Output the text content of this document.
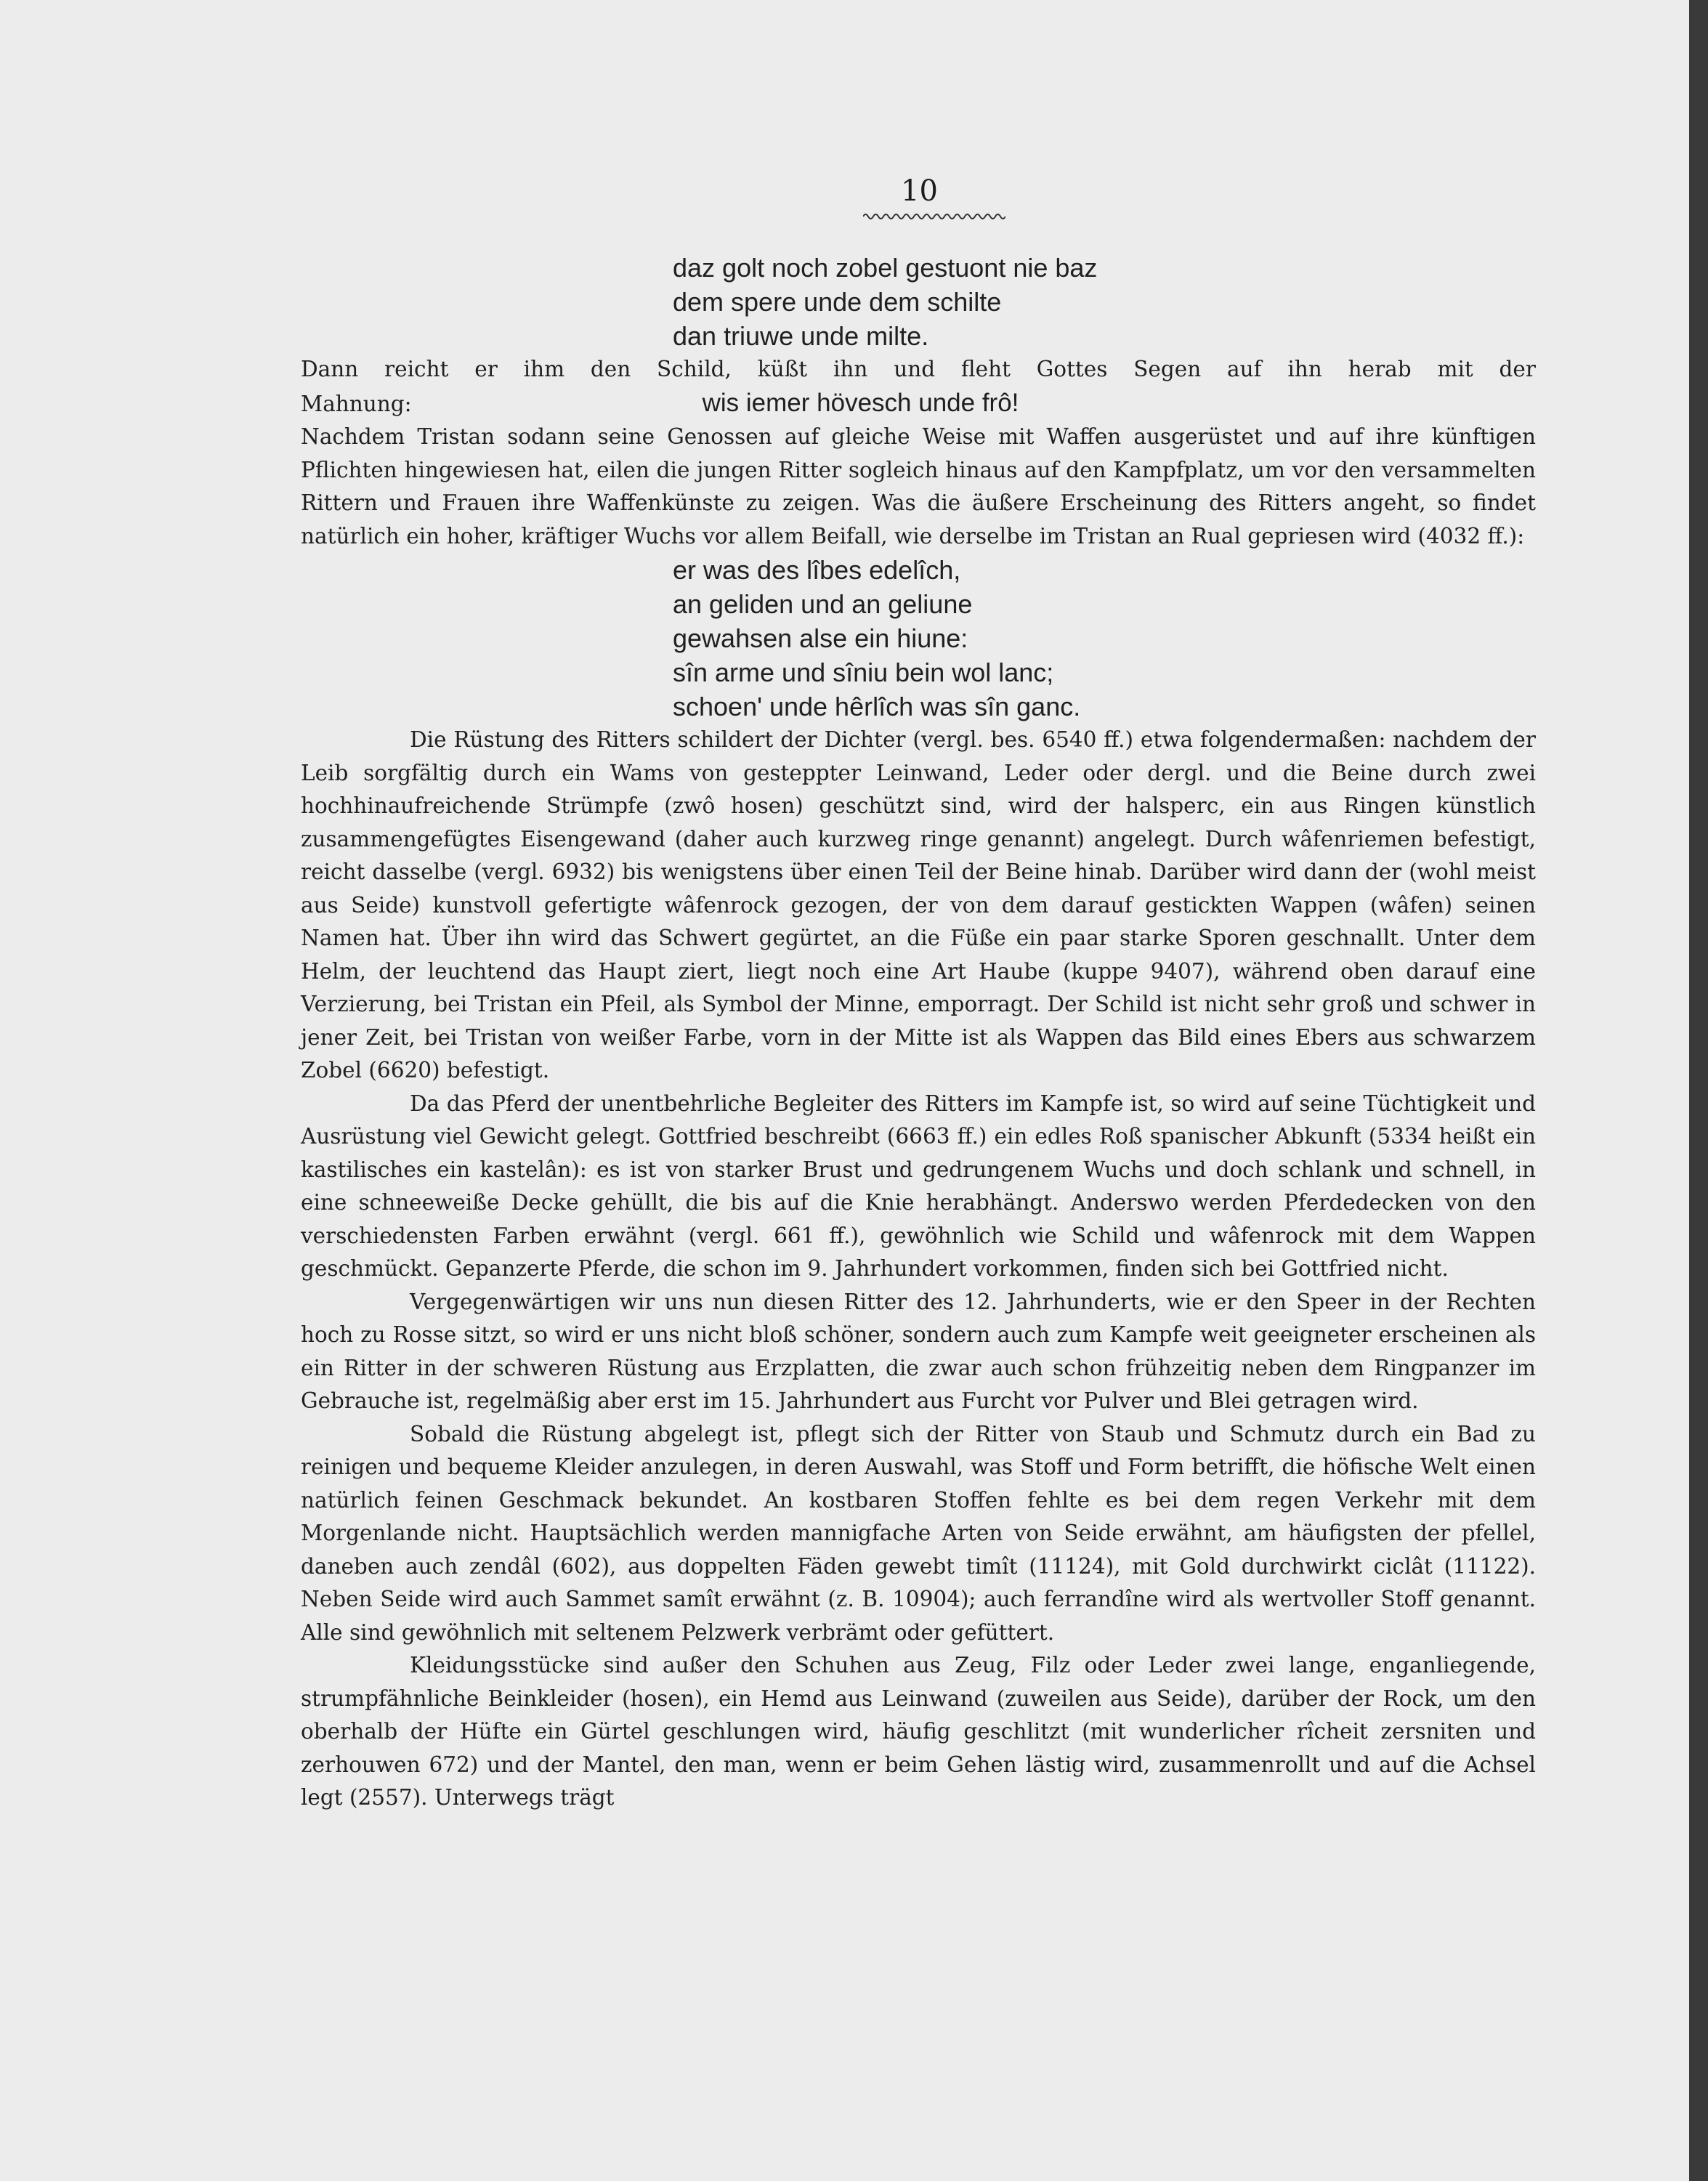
10
daz golt noch zobel gestuont nie baz
dem spere unde dem schilte
dan triuwe unde milte.

Dann reicht er ihm den Schild, küßt ihn und fleht Gottes Segen auf ihn herab mit der Mahnung:	wis iemer hövesch unde frô!

Nachdem Tristan sodann seine Genossen auf gleiche Weise mit Waffen ausgerüstet und auf ihre künftigen Pflichten hingewiesen hat, eilen die jungen Ritter sogleich hinaus auf den Kampfplatz, um vor den versammelten Rittern und Frauen ihre Waffenkünste zu zeigen. Was die äußere Erscheinung des Ritters angeht, so findet natürlich ein hoher, kräftiger Wuchs vor allem Beifall, wie derselbe im Tristan an Rual gepriesen wird (4032 ff.):

er was des lîbes edelîch,
an geliden und an geliune
gewahsen alse ein hiune:
sîn arme und sîniu bein wol lanc;
schoen' unde hêrlîch was sîn ganc.

Die Rüstung des Ritters schildert der Dichter (vergl. bes. 6540 ff.) etwa folgendermaßen: nachdem der Leib sorgfältig durch ein Wams von gesteppter Leinwand, Leder oder dergl. und die Beine durch zwei hochhinaufreichende Strümpfe (zwô hosen) geschützt sind, wird der halsperc, ein aus Ringen künstlich zusammengefügtes Eisengewand (daher auch kurzweg ringe genannt) angelegt. Durch wâfenriemen befestigt, reicht dasselbe (vergl. 6932) bis wenigstens über einen Teil der Beine hinab. Darüber wird dann der (wohl meist aus Seide) kunstvoll gefertigte wâfenrock gezogen, der von dem darauf gestickten Wappen (wâfen) seinen Namen hat. Über ihn wird das Schwert gegürtet, an die Füße ein paar starke Sporen geschnallt. Unter dem Helm, der leuchtend das Haupt ziert, liegt noch eine Art Haube (kuppe 9407), während oben darauf eine Verzierung, bei Tristan ein Pfeil, als Symbol der Minne, emporragt. Der Schild ist nicht sehr groß und schwer in jener Zeit, bei Tristan von weißer Farbe, vorn in der Mitte ist als Wappen das Bild eines Ebers aus schwarzem Zobel (6620) befestigt.

Da das Pferd der unentbehrliche Begleiter des Ritters im Kampfe ist, so wird auf seine Tüchtigkeit und Ausrüstung viel Gewicht gelegt. Gottfried beschreibt (6663 ff.) ein edles Roß spanischer Abkunft (5334 heißt ein kastilisches ein kastelân): es ist von starker Brust und gedrungenem Wuchs und doch schlank und schnell, in eine schneeweiße Decke gehüllt, die bis auf die Knie herabhängt. Anderswo werden Pferdedecken von den verschiedensten Farben erwähnt (vergl. 661 ff.), gewöhnlich wie Schild und wâfenrock mit dem Wappen geschmückt. Gepanzerte Pferde, die schon im 9. Jahrhundert vorkommen, finden sich bei Gottfried nicht.

Vergegenwärtigen wir uns nun diesen Ritter des 12. Jahrhunderts, wie er den Speer in der Rechten hoch zu Rosse sitzt, so wird er uns nicht bloß schöner, sondern auch zum Kampfe weit geeigneter erscheinen als ein Ritter in der schweren Rüstung aus Erzplatten, die zwar auch schon frühzeitig neben dem Ringpanzer im Gebrauche ist, regelmäßig aber erst im 15. Jahrhundert aus Furcht vor Pulver und Blei getragen wird.

Sobald die Rüstung abgelegt ist, pflegt sich der Ritter von Staub und Schmutz durch ein Bad zu reinigen und bequeme Kleider anzulegen, in deren Auswahl, was Stoff und Form betrifft, die höfische Welt einen natürlich feinen Geschmack bekundet. An kostbaren Stoffen fehlte es bei dem regen Verkehr mit dem Morgenlande nicht. Hauptsächlich werden mannigfache Arten von Seide erwähnt, am häufigsten der pfellel, daneben auch zendâl (602), aus doppelten Fäden gewebt timît (11124), mit Gold durchwirkt ciclât (11122). Neben Seide wird auch Sammet samît erwähnt (z. B. 10904); auch ferrandîne wird als wertvoller Stoff genannt. Alle sind gewöhnlich mit seltenem Pelzwerk verbrämt oder gefüttert.

Kleidungsstücke sind außer den Schuhen aus Zeug, Filz oder Leder zwei lange, enganliegende, strumpfähnliche Beinkleider (hosen), ein Hemd aus Leinwand (zuweilen aus Seide), darüber der Rock, um den oberhalb der Hüfte ein Gürtel geschlungen wird, häufig geschlitzt (mit wunderlicher rîcheit zersniten und zerhouwen 672) und der Mantel, den man, wenn er beim Gehen lästig wird, zusammenrollt und auf die Achsel legt (2557). Unterwegs trägt
